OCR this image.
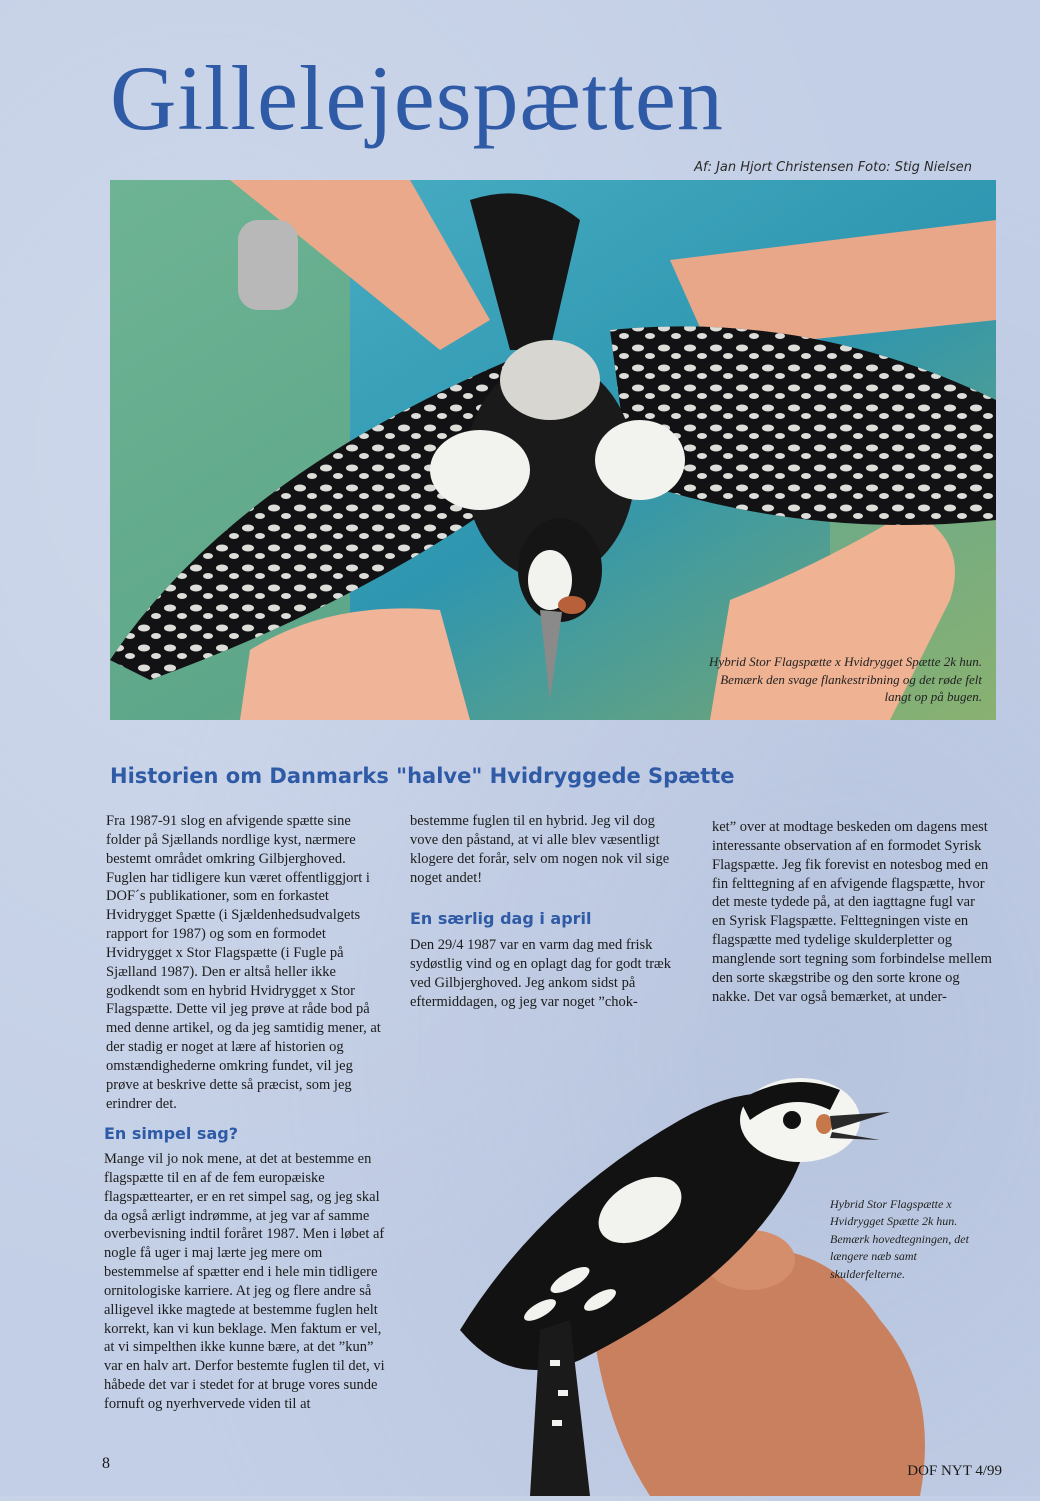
Gillelejespætten
Af: Jan Hjort Christensen Foto: Stig Nielsen
Hybrid Stor Flagspætte x Hvidrygget Spætte 2k hun. Bemærk den svage flankestribning og det røde felt langt op på bugen.
Historien om Danmarks "halve" Hvidryggede Spætte

Fra 1987-91 slog en afvigende spætte sine folder på Sjællands nordlige kyst, nærmere bestemt området omkring Gilbjerghoved. Fuglen har tidligere kun været offentliggjort i DOF´s publikationer, som en forkastet Hvidrygget Spætte (i Sjældenhedsudvalgets rapport for 1987) og som en formodet Hvidrygget x Stor Flagspætte (i Fugle på Sjælland 1987). Den er altså heller ikke godkendt som en hybrid Hvidrygget x Stor Flagspætte. Dette vil jeg prøve at råde bod på med denne artikel, og da jeg samtidig mener, at der stadig er noget at lære af historien og omstændighederne omkring fundet, vil jeg prøve at beskrive dette så præcist, som jeg erindrer det.

bestemme fuglen til en hybrid. Jeg vil dog vove den påstand, at vi alle blev væsentligt klogere det forår, selv om nogen nok vil sige noget andet!

En særlig dag i april

Den 29/4 1987 var en varm dag med frisk sydøstlig vind og en oplagt dag for godt træk ved Gilbjerghoved. Jeg ankom sidst på eftermiddagen, og jeg var noget ”chok-

ket” over at modtage beskeden om dagens mest interessante observation af en formodet Syrisk Flagspætte. Jeg fik forevist en notesbog med en fin felttegning af en afvigende flagspætte, hvor det meste tydede på, at den iagttagne fugl var en Syrisk Flagspætte. Felttegningen viste en flagspætte med tydelige skulderpletter og manglende sort tegning som forbindelse mellem den sorte skægstribe og den sorte krone og nakke. Det var også bemærket, at under-

En simpel sag?

Mange vil jo nok mene, at det at bestemme en flagspætte til en af de fem europæiske flagspættearter, er en ret simpel sag, og jeg skal da også ærligt indrømme, at jeg var af samme overbevisning indtil foråret 1987. Men i løbet af nogle få uger i maj lærte jeg mere om bestemmelse af spætter end i hele min tidligere ornitologiske karriere. At jeg og flere andre så alligevel ikke magtede at bestemme fuglen helt korrekt, kan vi kun beklage. Men faktum er vel, at vi simpelthen ikke kunne bære, at det ”kun” var en halv art. Derfor bestemte fuglen til det, vi håbede det var i stedet for at bruge vores sunde fornuft og nyerhvervede viden til at

Hybrid Stor Flagspætte x Hvidrygget Spætte 2k hun. Bemærk hovedtegningen, det længere næb samt skulderfelterne.
8	DOF NYT 4/99
